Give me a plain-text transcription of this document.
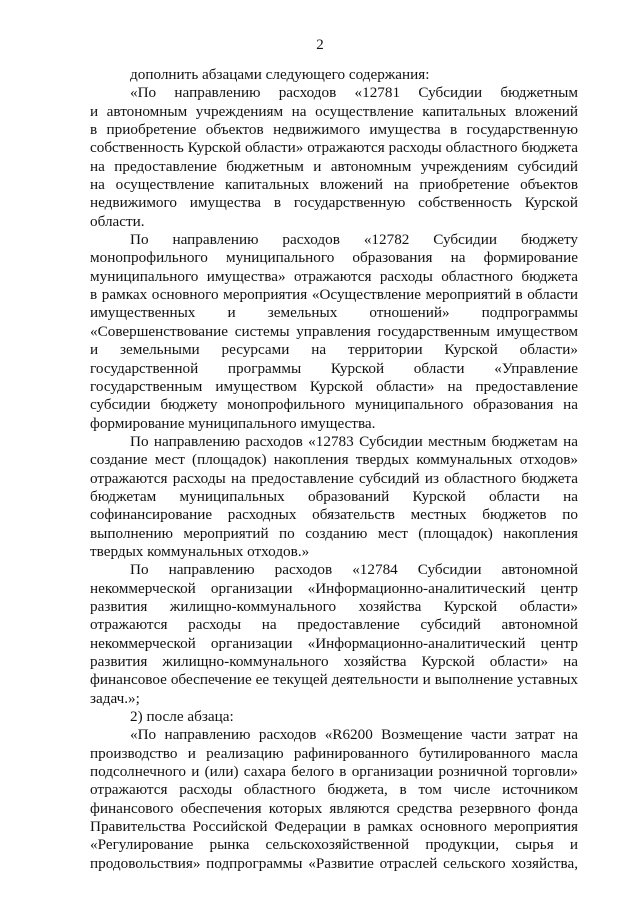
2
дополнить абзацами следующего содержания:
«По направлению расходов «12781 Субсидии бюджетным
и автономным учреждениям на осуществление капитальных вложений
в приобретение объектов недвижимого имущества в государственную
собственность Курской области» отражаются расходы областного бюджета
на предоставление бюджетным и автономным учреждениям субсидий
на осуществление капитальных вложений на приобретение объектов
недвижимого имущества в государственную собственность Курской
области.
По направлению расходов «12782 Субсидии бюджету
монопрофильного муниципального образования на формирование
муниципального имущества» отражаются расходы областного бюджета
в рамках основного мероприятия «Осуществление мероприятий в области
имущественных и земельных отношений» подпрограммы
«Совершенствование системы управления государственным имуществом
и земельными ресурсами на территории Курской области»
государственной программы Курской области «Управление
государственным имуществом Курской области» на предоставление
субсидии бюджету монопрофильного муниципального образования на
формирование муниципального имущества.
По направлению расходов «12783 Субсидии местным бюджетам на
создание мест (площадок) накопления твердых коммунальных отходов»
отражаются расходы на предоставление субсидий из областного бюджета
бюджетам муниципальных образований Курской области на
софинансирование расходных обязательств местных бюджетов по
выполнению мероприятий по созданию мест (площадок) накопления
твердых коммунальных отходов.»
По направлению расходов «12784 Субсидии автономной
некоммерческой организации «Информационно-аналитический центр
развития жилищно-коммунального хозяйства Курской области»
отражаются расходы на предоставление субсидий автономной
некоммерческой организации «Информационно-аналитический центр
развития жилищно-коммунального хозяйства Курской области» на
финансовое обеспечение ее текущей деятельности и выполнение уставных
задач.»;
2) после абзаца:
«По направлению расходов «R6200 Возмещение части затрат на
производство и реализацию рафинированного бутилированного масла
подсолнечного и (или) сахара белого в организации розничной торговли»
отражаются расходы областного бюджета, в том числе источником
финансового обеспечения которых являются средства резервного фонда
Правительства Российской Федерации в рамках основного мероприятия
«Регулирование рынка сельскохозяйственной продукции, сырья и
продовольствия» подпрограммы «Развитие отраслей сельского хозяйства,
